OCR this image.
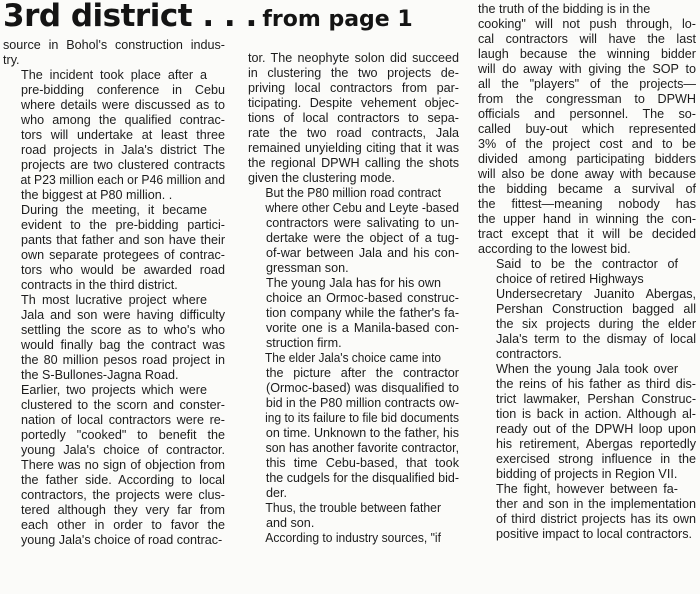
3rd district . . . from page 1

source in Bohol's construction indus-
try.

The incident took place after a
pre-bidding conference in Cebu
where details were discussed as to
who among the qualified contrac-
tors will undertake at least three
road projects in Jala's district The
projects are two clustered contracts
at P23 million each or P46 million and
the biggest at P80 million. .

During the meeting, it became
evident to the pre-bidding partici-
pants that father and son have their
own separate protegees of contrac-
tors who would be awarded road
contracts in the third district.

Th most lucrative project where
Jala and son were having difficulty
settling the score as to who's who
would finally bag the contract was
the 80 million pesos road project in
the S-Bullones-Jagna Road.

Earlier, two projects which were
clustered to the scorn and conster-
nation of local contractors were re-
portedly "cooked" to benefit the
young Jala's choice of contractor.
There was no sign of objection from
the father side. According to local
contractors, the projects were clus-
tered although they very far from
each other in order to favor the
young Jala's choice of road contrac-

tor. The neophyte solon did succeed
in clustering the two projects de-
priving local contractors from par-
ticipating. Despite vehement objec-
tions of local contractors to sepa-
rate the two road contracts, Jala
remained unyielding citing that it was
the regional DPWH calling the shots
given the clustering mode.

But the P80 million road contract
where other Cebu and Leyte -based
contractors were salivating to un-
dertake were the object of a tug-
of-war between Jala and his con-
gressman son.

The young Jala has for his own
choice an Ormoc-based construc-
tion company while the father's fa-
vorite one is a Manila-based con-
struction firm.

The elder Jala's choice came into
the picture after the contractor
(Ormoc-based) was disqualified to
bid in the P80 million contracts ow-
ing to its failure to file bid documents
on time. Unknown to the father, his
son has another favorite contractor,
this time Cebu-based, that took
the cudgels for the disqualified bid-
der.

Thus, the trouble between father
and son.

According to industry sources, "if

the truth of the bidding is in the
cooking" will not push through, lo-
cal contractors will have the last
laugh because the winning bidder
will do away with giving the SOP to
all the "players" of the projects—
from the congressman to DPWH
officials and personnel. The so-
called buy-out which represented
3% of the project cost and to be
divided among participating bidders
will also be done away with because
the bidding became a survival of
the fittest—meaning nobody has
the upper hand in winning the con-
tract except that it will be decided
according to the lowest bid.

Said to be the contractor of
choice of retired Highways
Undersecretary Juanito Abergas,
Pershan Construction bagged all
the six projects during the elder
Jala's term to the dismay of local
contractors.

When the young Jala took over
the reins of his father as third dis-
trict lawmaker, Pershan Construc-
tion is back in action. Although al-
ready out of the DPWH loop upon
his retirement, Abergas reportedly
exercised strong influence in the
bidding of projects in Region VII.

The fight, however between fa-
ther and son in the implementation
of third district projects has its own
positive impact to local contractors.
